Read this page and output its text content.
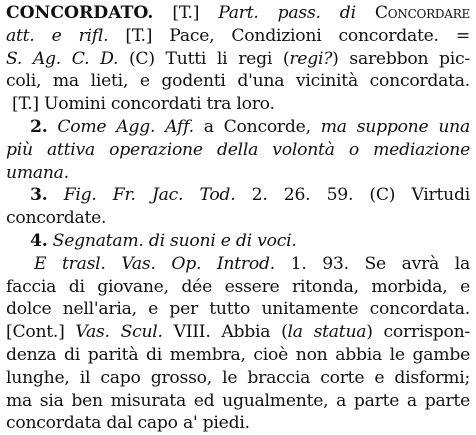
CONCORDATO. [T.] Part. pass. di Concordare
att. e rifl. [T.] Pace, Condizioni concordate. =
S. Ag. C. D. (C) Tutti li regi (regi?) sarebbon pic-
coli, ma lieti, e godenti d'una vicinità concordata.
[T.] Uomini concordati tra loro.
2. Come Agg. Aff. a Concorde, ma suppone una
più attiva operazione della volontà o mediazione
umana.
3. Fig. Fr. Jac. Tod. 2. 26. 59. (C) Virtudi
concordate.
4. Segnatam. di suoni e di voci.
E trasl. Vas. Op. Introd. 1. 93. Se avrà la
faccia di giovane, dée essere ritonda, morbida, e
dolce nell'aria, e per tutto unitamente concordata.
[Cont.] Vas. Scul. VIII. Abbia (la statua) corrispon-
denza di parità di membra, cioè non abbia le gambe
lunghe, il capo grosso, le braccia corte e disformi;
ma sia ben misurata ed ugualmente, a parte a parte
concordata dal capo a' piedi.
